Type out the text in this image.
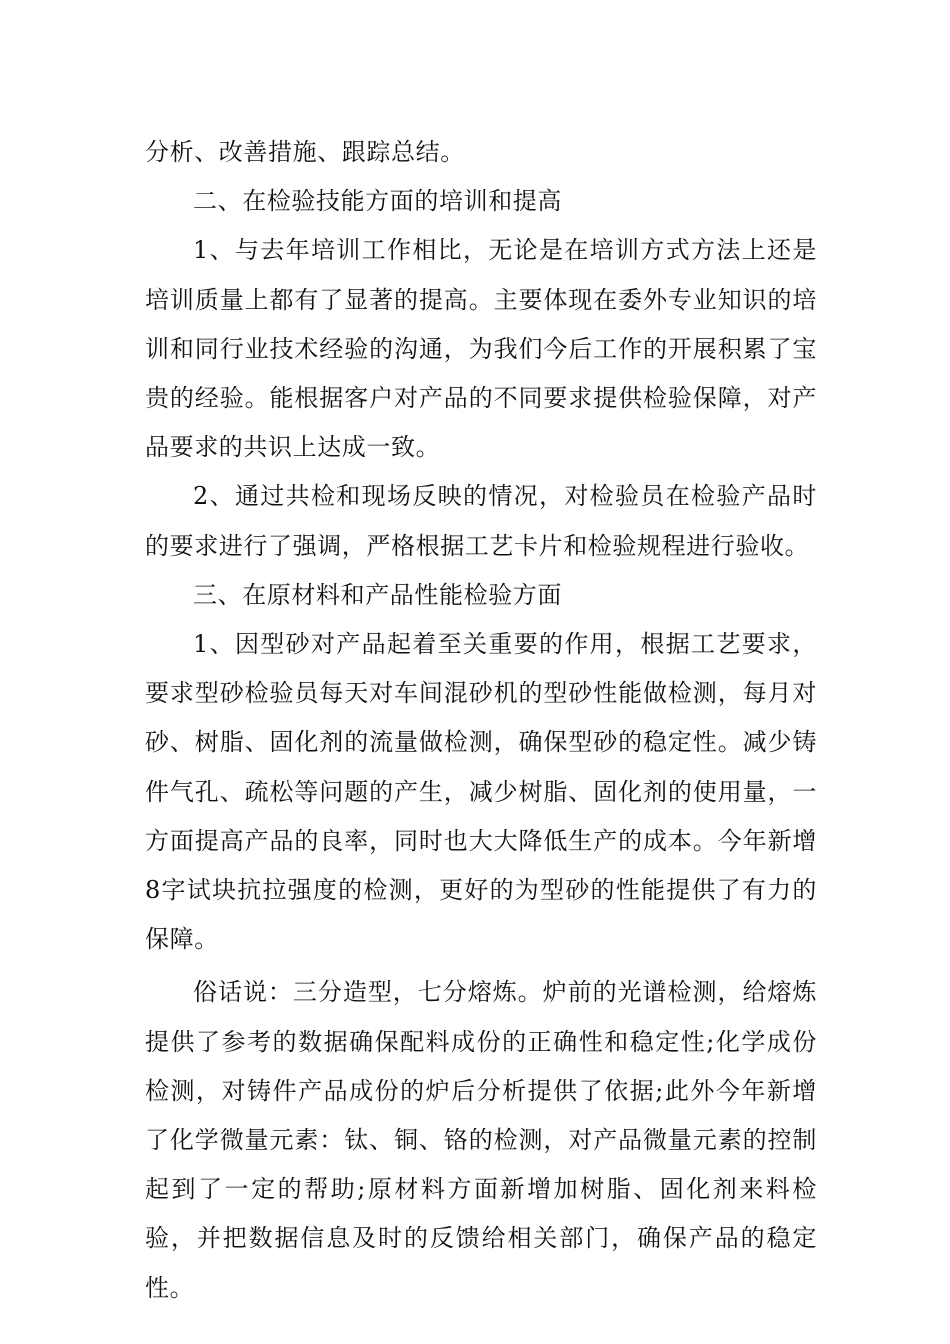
分析、改善措施、跟踪总结。

二、在检验技能方面的培训和提高

1、与去年培训工作相比，无论是在培训方式方法上还是培训质量上都有了显著的提高。主要体现在委外专业知识的培训和同行业技术经验的沟通，为我们今后工作的开展积累了宝贵的经验。能根据客户对产品的不同要求提供检验保障，对产品要求的共识上达成一致。

2、通过共检和现场反映的情况，对检验员在检验产品时的要求进行了强调，严格根据工艺卡片和检验规程进行验收。

三、在原材料和产品性能检验方面

1、因型砂对产品起着至关重要的作用，根据工艺要求，要求型砂检验员每天对车间混砂机的型砂性能做检测，每月对砂、树脂、固化剂的流量做检测，确保型砂的稳定性。减少铸件气孔、疏松等问题的产生，减少树脂、固化剂的使用量，一方面提高产品的良率，同时也大大降低生产的成本。今年新增8字试块抗拉强度的检测，更好的为型砂的性能提供了有力的保障。

俗话说：三分造型，七分熔炼。炉前的光谱检测，给熔炼提供了参考的数据确保配料成份的正确性和稳定性;化学成份检测，对铸件产品成份的炉后分析提供了依据;此外今年新增了化学微量元素：钛、铜、铬的检测，对产品微量元素的控制起到了一定的帮助;原材料方面新增加树脂、固化剂来料检验，并把数据信息及时的反馈给相关部门，确保产品的稳定性。
